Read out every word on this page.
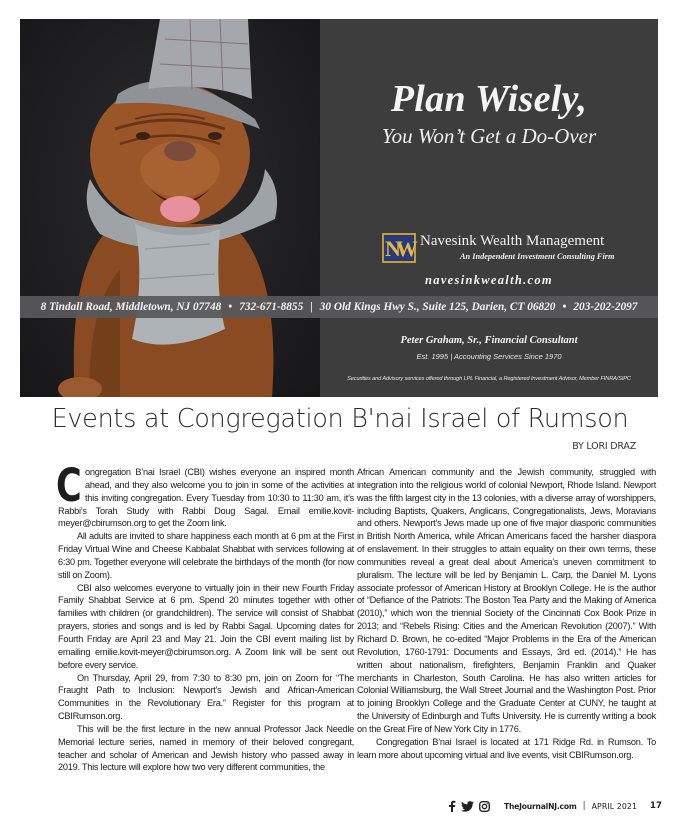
Plan Wisely,
You Won’t Get a Do-Over
NW Navesink Wealth Management
An Independent Investment Consulting Firm
navesinkwealth.com
8 Tindall Road, Middletown, NJ 07748 • 732-671-8855 | 30 Old Kings Hwy S., Suite 125, Darien, CT 06820 • 203-202-2097
Peter Graham, Sr., Financial Consultant
Est. 1995 | Accounting Services Since 1970
Securities and Advisory services offered through LPL Financial, a Registered Investment Advisor, Member FINRA/SIPC
Events at Congregation B'nai Israel of Rumson
BY LORI DRAZ

Congregation B’nai Israel (CBI) wishes everyone an inspired month ahead, and they also welcome you to join in some of the activities at this inviting congregation. Every Tuesday from 10:30 to 11:30 am, it’s Rabbi’s Torah Study with Rabbi Doug Sagal. Email emilie.kovit-meyer@cbirumson.org to get the Zoom link.

All adults are invited to share happiness each month at 6 pm at the First Friday Virtual Wine and Cheese Kabbalat Shabbat with services following at 6:30 pm. Together everyone will celebrate the birthdays of the month (for now still on Zoom).

CBI also welcomes everyone to virtually join in their new Fourth Friday Family Shabbat Service at 6 pm. Spend 20 minutes together with other families with children (or grandchildren). The service will consist of Shabbat prayers, stories and songs and is led by Rabbi Sagal. Upcoming dates for Fourth Friday are April 23 and May 21. Join the CBI event mailing list by emailing emilie.kovit-meyer@cbirumson.org. A Zoom link will be sent out before every service.

On Thursday, April 29, from 7:30 to 8:30 pm, join on Zoom for “The Fraught Path to Inclusion: Newport’s Jewish and African-American Communities in the Revolutionary Era.” Register for this program at CBIRumson.org.

This will be the first lecture in the new annual Professor Jack Needle Memorial lecture series, named in memory of their beloved congregant, teacher and scholar of American and Jewish history who passed away in 2019. This lecture will explore how two very different communities, the

African American community and the Jewish community, struggled with integration into the religious world of colonial Newport, Rhode Island. Newport was the fifth largest city in the 13 colonies, with a diverse array of worshippers, including Baptists, Quakers, Anglicans, Congregationalists, Jews, Moravians and others. Newport’s Jews made up one of five major diasporic communities in British North America, while African Americans faced the harsher diaspora of enslavement. In their struggles to attain equality on their own terms, these communities reveal a great deal about America’s uneven commitment to pluralism. The lecture will be led by Benjamin L. Carp, the Daniel M. Lyons associate professor of American History at Brooklyn College. He is the author of “Defiance of the Patriots: The Boston Tea Party and the Making of America (2010),” which won the triennial Society of the Cincinnati Cox Book Prize in 2013; and “Rebels Rising: Cities and the American Revolution (2007).” With Richard D. Brown, he co-edited “Major Problems in the Era of the American Revolution, 1760-1791: Documents and Essays, 3rd ed. (2014).” He has written about nationalism, firefighters, Benjamin Franklin and Quaker merchants in Charleston, South Carolina. He has also written articles for Colonial Williamsburg, the Wall Street Journal and the Washington Post. Prior to joining Brooklyn College and the Graduate Center at CUNY, he taught at the University of Edinburgh and Tufts University. He is currently writing a book on the Great Fire of New York City in 1776.

Congregation B’nai Israel is located at 171 Ridge Rd. in Rumson. To learn more about upcoming virtual and live events, visit CBIRumson.org.

TheJournalNJ.com | APRIL 2021 17
